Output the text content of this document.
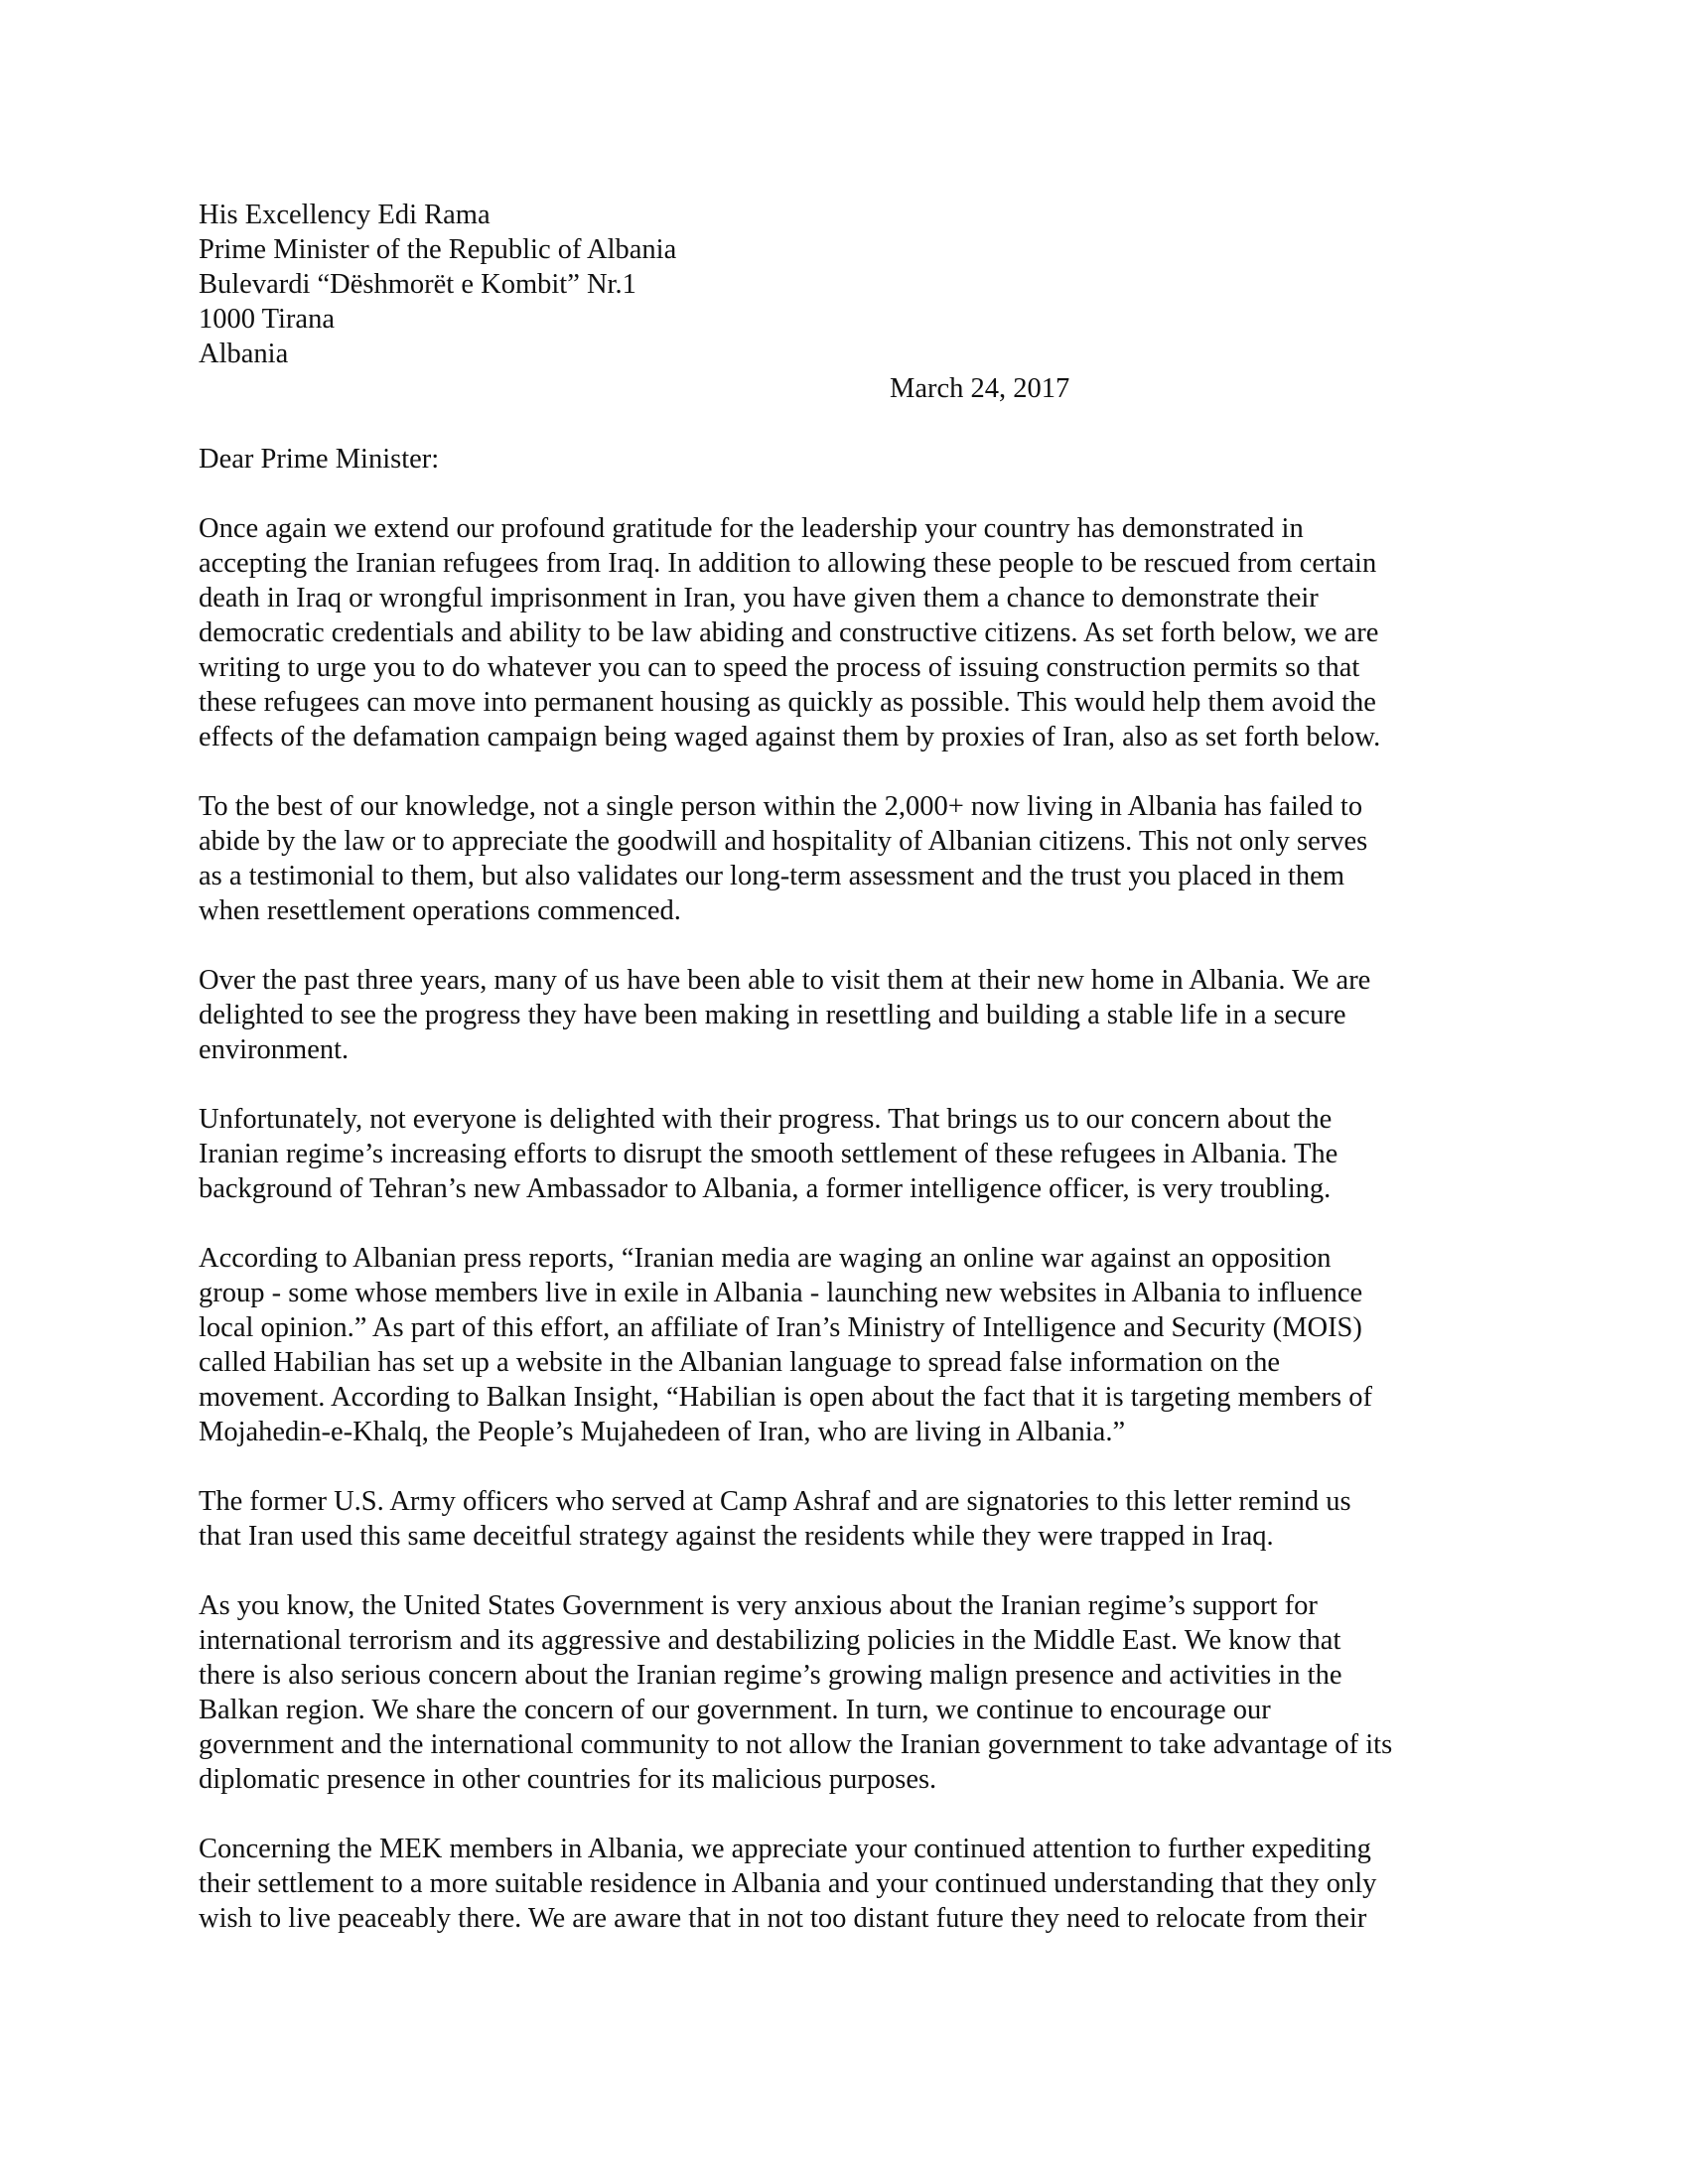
His Excellency Edi Rama
Prime Minister of the Republic of Albania
Bulevardi “Dëshmorët e Kombit” Nr.1
1000 Tirana
Albania
March 24, 2017
Dear Prime Minister:
Once again we extend our profound gratitude for the leadership your country has demonstrated in
accepting the Iranian refugees from Iraq. In addition to allowing these people to be rescued from certain
death in Iraq or wrongful imprisonment in Iran, you have given them a chance to demonstrate their
democratic credentials and ability to be law abiding and constructive citizens. As set forth below, we are
writing to urge you to do whatever you can to speed the process of issuing construction permits so that
these refugees can move into permanent housing as quickly as possible. This would help them avoid the
effects of the defamation campaign being waged against them by proxies of Iran, also as set forth below.
To the best of our knowledge, not a single person within the 2,000+ now living in Albania has failed to
abide by the law or to appreciate the goodwill and hospitality of Albanian citizens. This not only serves
as a testimonial to them, but also validates our long-term assessment and the trust you placed in them
when resettlement operations commenced.
Over the past three years, many of us have been able to visit them at their new home in Albania. We are
delighted to see the progress they have been making in resettling and building a stable life in a secure
environment.
Unfortunately, not everyone is delighted with their progress. That brings us to our concern about the
Iranian regime’s increasing efforts to disrupt the smooth settlement of these refugees in Albania. The
background of Tehran’s new Ambassador to Albania, a former intelligence officer, is very troubling.
According to Albanian press reports, “Iranian media are waging an online war against an opposition
group - some whose members live in exile in Albania - launching new websites in Albania to influence
local opinion.” As part of this effort, an affiliate of Iran’s Ministry of Intelligence and Security (MOIS)
called Habilian has set up a website in the Albanian language to spread false information on the
movement. According to Balkan Insight, “Habilian is open about the fact that it is targeting members of
Mojahedin-e-Khalq, the People’s Mujahedeen of Iran, who are living in Albania.”
The former U.S. Army officers who served at Camp Ashraf and are signatories to this letter remind us
that Iran used this same deceitful strategy against the residents while they were trapped in Iraq.
As you know, the United States Government is very anxious about the Iranian regime’s support for
international terrorism and its aggressive and destabilizing policies in the Middle East. We know that
there is also serious concern about the Iranian regime’s growing malign presence and activities in the
Balkan region. We share the concern of our government. In turn, we continue to encourage our
government and the international community to not allow the Iranian government to take advantage of its
diplomatic presence in other countries for its malicious purposes.
Concerning the MEK members in Albania, we appreciate your continued attention to further expediting
their settlement to a more suitable residence in Albania and your continued understanding that they only
wish to live peaceably there. We are aware that in not too distant future they need to relocate from their
